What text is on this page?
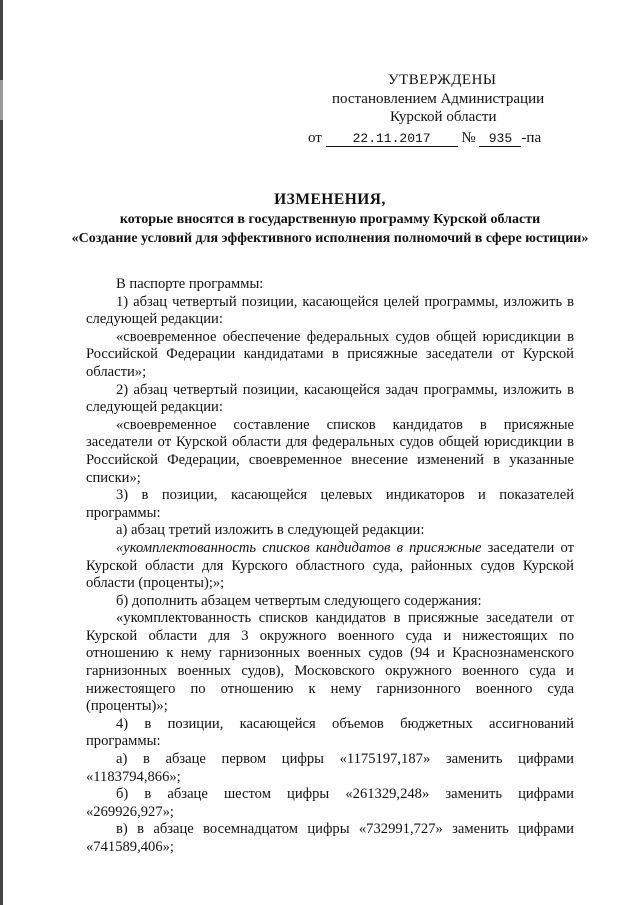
УТВЕРЖДЕНЫ
постановлением Администрации
Курской области
от 22.11.2017 № 935 -па
ИЗМЕНЕНИЯ,
которые вносятся в государственную программу Курской области
«Создание условий для эффективного исполнения полномочий в сфере юстиции»

В паспорте программы:

1) абзац четвертый позиции, касающейся целей программы, изложить в следующей редакции:

«своевременное обеспечение федеральных судов общей юрисдикции в Российской Федерации кандидатами в присяжные заседатели от Курской области»;

2) абзац четвертый позиции, касающейся задач программы, изложить в следующей редакции:

«своевременное составление списков кандидатов в присяжные заседатели от Курской области для федеральных судов общей юрисдикции в Российской Федерации, своевременное внесение изменений в указанные списки»;

3) в позиции, касающейся целевых индикаторов и показателей программы:

а) абзац третий изложить в следующей редакции:

«укомплектованность списков кандидатов в присяжные заседатели от Курской области для Курского областного суда, районных судов Курской области (проценты);»;

б) дополнить абзацем четвертым следующего содержания:

«укомплектованность списков кандидатов в присяжные заседатели от Курской области для 3 окружного военного суда и нижестоящих по отношению к нему гарнизонных военных судов (94 и Краснознаменского гарнизонных военных судов), Московского окружного военного суда и нижестоящего по отношению к нему гарнизонного военного суда (проценты)»;

4) в позиции, касающейся объемов бюджетных ассигнований программы:

а) в абзаце первом цифры «1175197,187» заменить цифрами «1183794,866»;

б) в абзаце шестом цифры «261329,248» заменить цифрами «269926,927»;

в) в абзаце восемнадцатом цифры «732991,727» заменить цифрами «741589,406»;
